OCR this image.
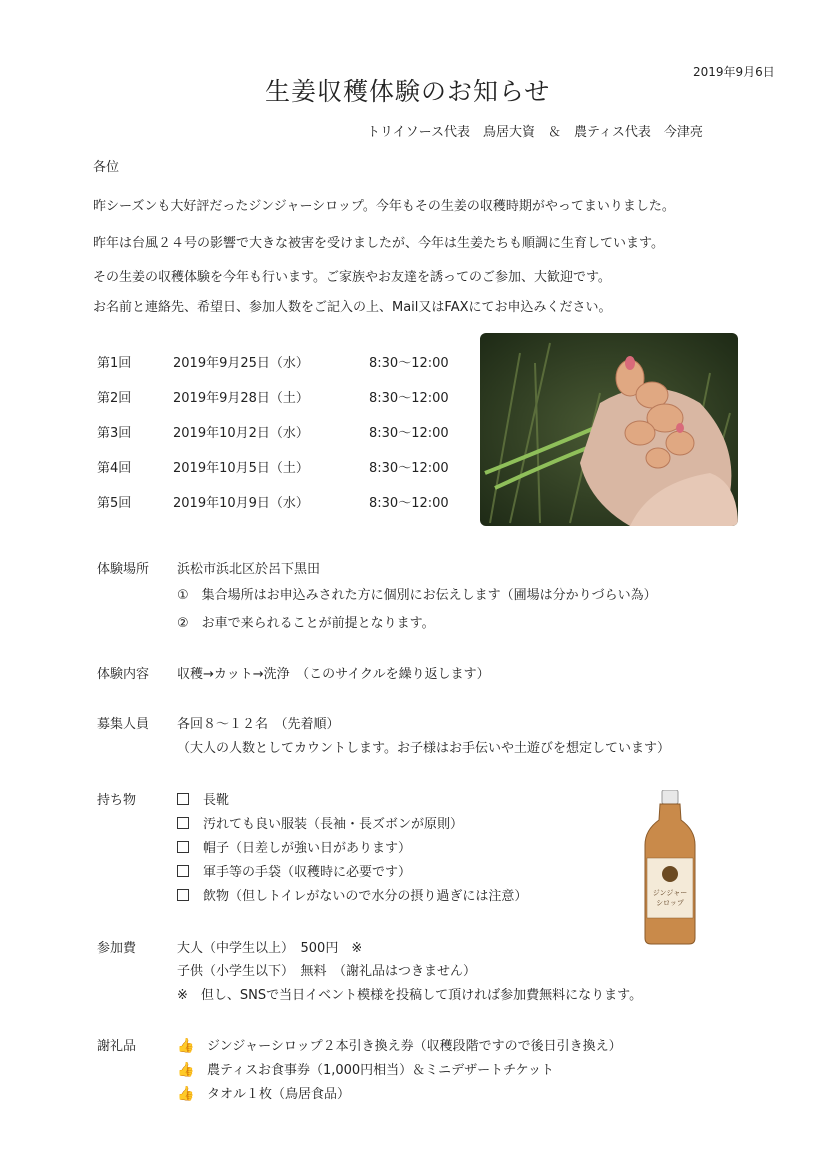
2019年9月6日
生姜収穫体験のお知らせ
トリイソース代表　鳥居大資　＆　農ティス代表　今津亮
各位
昨シーズンも大好評だったジンジャーシロップ。今年もその生姜の収穫時期がやってまいりました。
昨年は台風２４号の影響で大きな被害を受けましたが、今年は生姜たちも順調に生育しています。
その生姜の収穫体験を今年も行います。ご家族やお友達を誘ってのご参加、大歓迎です。
お名前と連絡先、希望日、参加人数をご記入の上、Mail又はFAXにてお申込みください。
第1回	2019年9月25日（水）	8:30～12:00
第2回	2019年9月28日（土）	8:30～12:00
第3回	2019年10月2日（水）	8:30～12:00
第4回	2019年10月5日（土）	8:30～12:00
第5回	2019年10月9日（水）	8:30～12:00
体験場所 浜松市浜北区於呂下黒田
①　集合場所はお申込みされた方に個別にお伝えします（圃場は分かりづらい為）
②　お車で来られることが前提となります。
体験内容 収穫→カット→洗浄　（このサイクルを繰り返します）
募集人員 各回８～１２名　（先着順）
（大人の人数としてカウントします。お子様はお手伝いや土遊びを想定しています）
持ち物	長靴
汚れても良い服装（長袖・長ズボンが原則）
帽子（日差しが強い日があります）
軍手等の手袋（収穫時に必要です）
飲物（但しトイレがないので水分の摂り過ぎには注意）	ジンジャー
シロップ
参加費	大人（中学生以上）　500円　※
子供（小学生以下）　無料　（謝礼品はつきません）
※　但し、SNSで当日イベント模様を投稿して頂ければ参加費無料になります。
謝礼品	👍 ジンジャーシロップ２本引き換え券（収穫段階ですので後日引き換え）
👍 農ティスお食事券（1,000円相当）＆ミニデザートチケット
👍 タオル１枚（鳥居食品）
